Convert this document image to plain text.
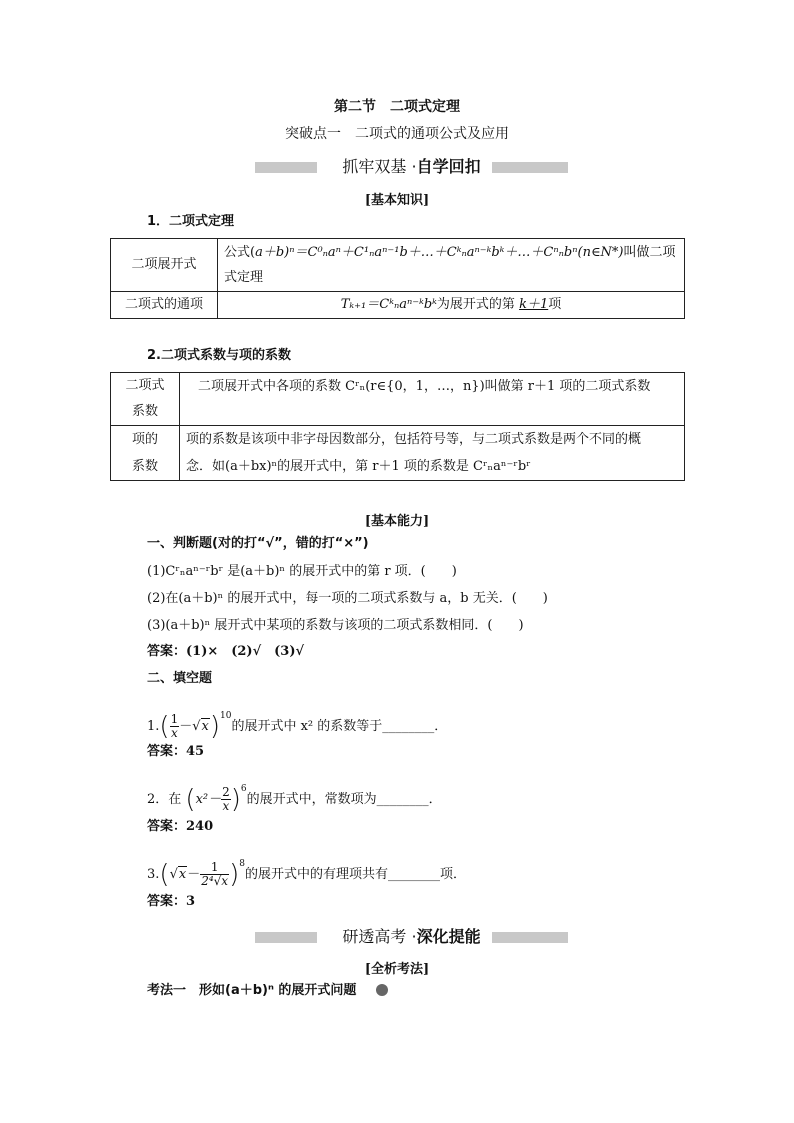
第二节　二项式定理
突破点一　二项式的通项公式及应用
抓牢双基 ·自学回扣
[基本知识]
1．二项式定理
二项展开式	公式(a＋b)ⁿ＝C⁰ₙaⁿ＋C¹ₙaⁿ⁻¹b＋…＋Cᵏₙaⁿ⁻ᵏbᵏ＋…＋Cⁿₙbⁿ(n∈N*)叫做二项
式定理
二项式的通项	Tₖ₊₁＝Cᵏₙaⁿ⁻ᵏbᵏ为展开式的第 k＋1项
2.二项式系数与项的系数
二项式
系数	二项展开式中各项的系数 Cʳₙ(r∈{0，1，…，n})叫做第 r＋1 项的二项式系数
项的
系数	项的系数是该项中非字母因数部分，包括符号等，与二项式系数是两个不同的概
念．如(a＋bx)ⁿ的展开式中，第 r＋1 项的系数是 Cʳₙaⁿ⁻ʳbʳ
[基本能力]
一、判断题(对的打“√”，错的打“×”)
(1)Cʳₙaⁿ⁻ʳbʳ 是(a＋b)ⁿ 的展开式中的第 r 项．(　　)
(2)在(a＋b)ⁿ 的展开式中，每一项的二项式系数与 a，b 无关．(　　)
(3)(a＋b)ⁿ 展开式中某项的系数与该项的二项式系数相同．(　　)
答案：(1)×　(2)√　(3)√
二、填空题
$1.( \frac{1}{x} -√x)^{10}$的展开式中 x² 的系数等于________．
答案：45
2．在 $(x^2- \frac{2}{x} )^6$的展开式中，常数项为________．
答案：240
$3.(√x- \frac{1}{\text{2⁴√x}} )^8$的展开式中的有理项共有________项．
答案：3
研透高考 ·深化提能
[全析考法]
考法一　形如(a＋b)ⁿ 的展开式问题
